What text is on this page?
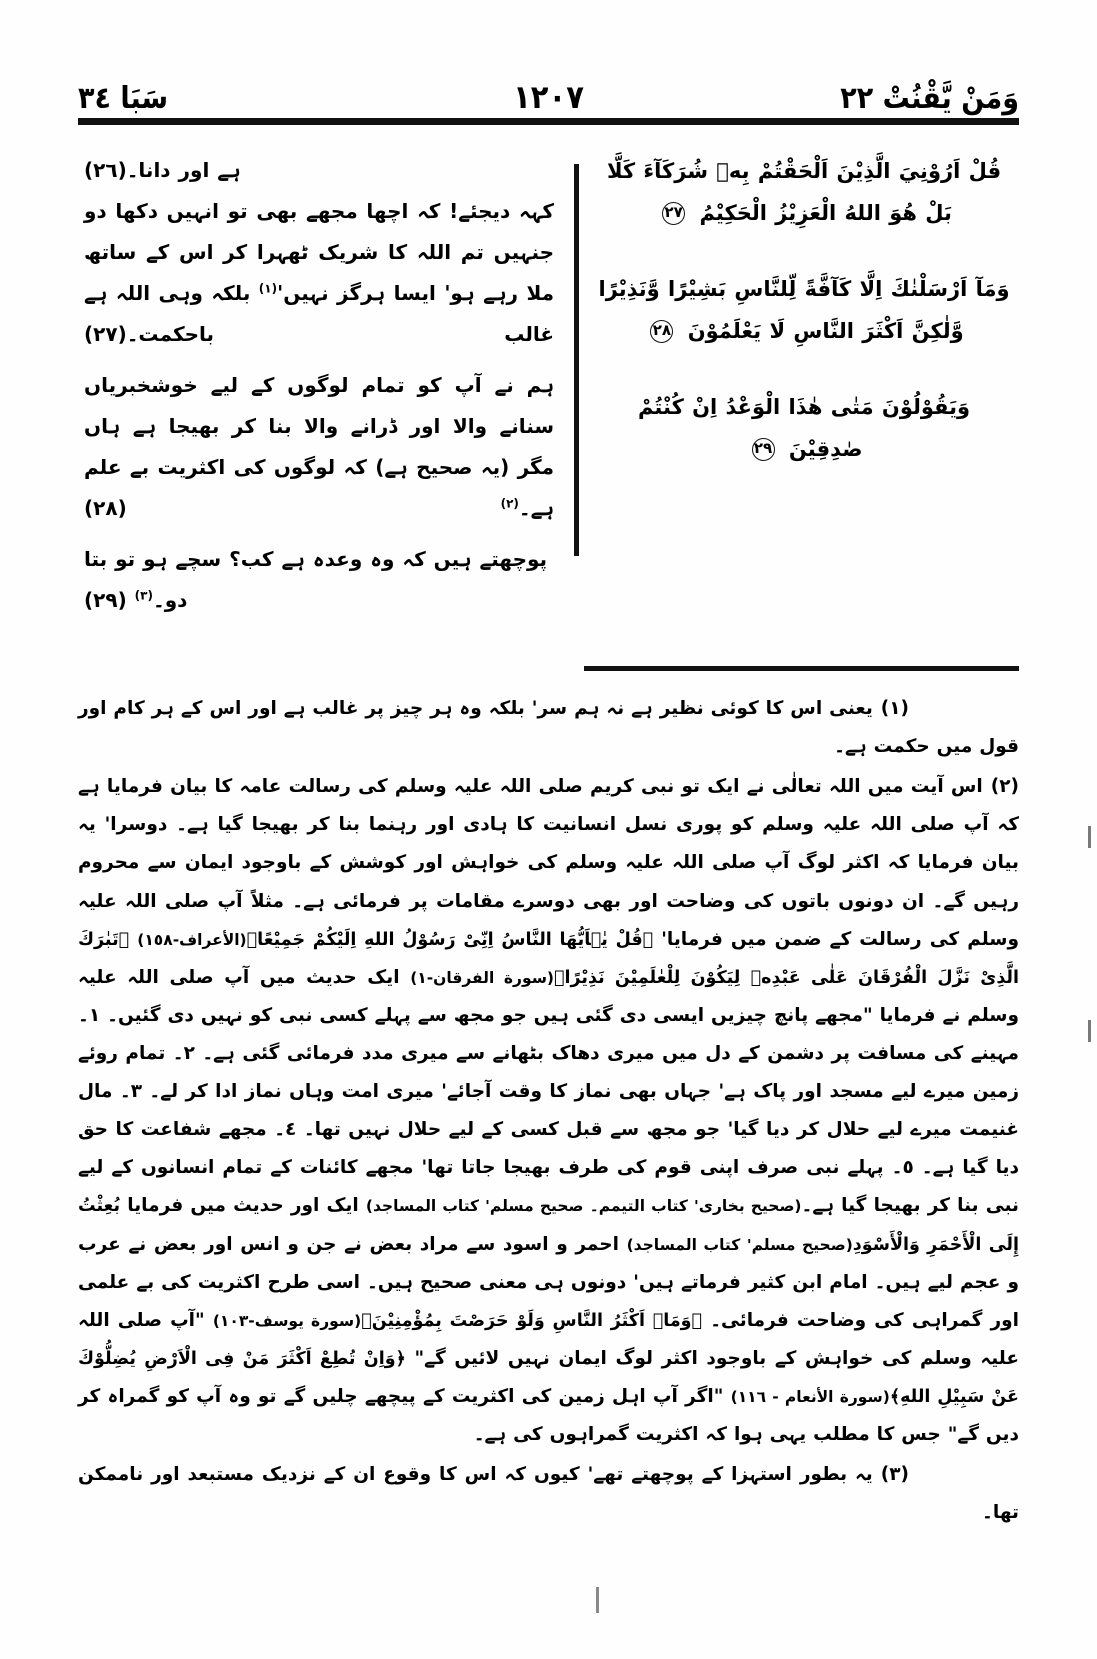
وَمَنْ يَّقْنُتْ ٢٢
١٢٠٧
سَبَا ٣٤

قُلْ اَرُوْنِيَ الَّذِيْنَ اَلْحَقْتُمْ بِهٖ شُرَكَآءَ كَلَّا بَلْ هُوَ اللهُ الْعَزِيْزُ الْحَكِيْمُ ٢٧

وَمَآ اَرْسَلْنٰكَ اِلَّا كَآفَّةً لِّلنَّاسِ بَشِيْرًا وَّنَذِيْرًا وَّلٰكِنَّ اَكْثَرَ النَّاسِ لَا يَعْلَمُوْنَ ٢٨

وَيَقُوْلُوْنَ مَتٰى هٰذَا الْوَعْدُ اِنْ كُنْتُمْ صٰدِقِيْنَ ٢٩

ہے اور دانا۔(٢٦)

کہہ دیجئے! کہ اچھا مجھے بھی تو انہیں دکھا دو جنہیں تم اللہ کا شریک ٹھہرا کر اس کے ساتھ ملا رہے ہو' ایسا ہرگز نہیں'$^{(١)}$ بلکہ وہی اللہ ہے غالب باحکمت۔(٢٧)

ہم نے آپ کو تمام لوگوں کے لیے خوشخبریاں سنانے والا اور ڈرانے والا بنا کر بھیجا ہے ہاں مگر (یہ صحیح ہے) کہ لوگوں کی اکثریت بے علم ہے۔$^{(٢)}$ (٢٨)

پوچھتے ہیں کہ وہ وعدہ ہے کب؟ سچے ہو تو بتا دو۔$^{(٣)}$ (٢٩)

(١)یعنی اس کا کوئی نظیر ہے نہ ہم سر' بلکہ وہ ہر چیز پر غالب ہے اور اس کے ہر کام اور قول میں حکمت ہے۔

(٢)اس آیت میں اللہ تعالٰی نے ایک تو نبی کریم صلی اللہ علیہ وسلم کی رسالت عامہ کا بیان فرمایا ہے کہ آپ صلی اللہ علیہ وسلم کو پوری نسل انسانیت کا ہادی اور رہنما بنا کر بھیجا گیا ہے۔ دوسرا' یہ بیان فرمایا کہ اکثر لوگ آپ صلی اللہ علیہ وسلم کی خواہش اور کوشش کے باوجود ایمان سے محروم رہیں گے۔ ان دونوں باتوں کی وضاحت اور بھی دوسرے مقامات پر فرمائی ہے۔ مثلاً آپ صلی اللہ علیہ وسلم کی رسالت کے ضمن میں فرمایا' ﴿قُلْ يٰۤاَيُّهَا النَّاسُ اِنِّىْ رَسُوْلُ اللهِ اِلَيْكُمْ جَمِيْعًا﴾(الأعراف-١٥٨) ﴿تَبٰرَكَ الَّذِىْ نَزَّلَ الْفُرْقَانَ عَلٰى عَبْدِهٖ لِيَكُوْنَ لِلْعٰلَمِيْنَ نَذِيْرًا﴾(سورة الفرقان-١) ایک حدیث میں آپ صلی اللہ علیہ وسلم نے فرمایا "مجھے پانچ چیزیں ایسی دی گئی ہیں جو مجھ سے پہلے کسی نبی کو نہیں دی گئیں۔ ١۔ مہینے کی مسافت پر دشمن کے دل میں میری دھاک بٹھانے سے میری مدد فرمائی گئی ہے۔ ٢۔ تمام روئے زمین میرے لیے مسجد اور پاک ہے' جہاں بھی نماز کا وقت آجائے' میری امت وہاں نماز ادا کر لے۔ ٣۔ مال غنیمت میرے لیے حلال کر دیا گیا' جو مجھ سے قبل کسی کے لیے حلال نہیں تھا۔ ٤۔ مجھے شفاعت کا حق دیا گیا ہے۔ ٥۔ پہلے نبی صرف اپنی قوم کی طرف بھیجا جاتا تھا' مجھے کائنات کے تمام انسانوں کے لیے نبی بنا کر بھیجا گیا ہے۔(صحیح بخاری' کتاب التیمم۔ صحیح مسلم' کتاب المساجد) ایک اور حدیث میں فرمایا بُعِثْتُ إِلَى الْأَحْمَرِ وَالْأَسْوَدِ(صحیح مسلم' کتاب المساجد) احمر و اسود سے مراد بعض نے جن و انس اور بعض نے عرب و عجم لیے ہیں۔ امام ابن کثیر فرماتے ہیں' دونوں ہی معنی صحیح ہیں۔ اسی طرح اکثریت کی بے علمی اور گمراہی کی وضاحت فرمائی۔ ﴿وَمَاۤ اَكْثَرُ النَّاسِ وَلَوْ حَرَصْتَ بِمُؤْمِنِيْنَ﴾(سورة يوسف-١٠٣) "آپ صلی اللہ علیہ وسلم کی خواہش کے باوجود اکثر لوگ ایمان نہیں لائیں گے" ﴿وَاِنْ تُطِعْ اَكْثَرَ مَنْ فِى الْاَرْضِ يُضِلُّوْكَ عَنْ سَبِيْلِ اللهِ﴾(سورة الأنعام - ١١٦) "اگر آپ اہل زمین کی اکثریت کے پیچھے چلیں گے تو وہ آپ کو گمراہ کر دیں گے" جس کا مطلب یہی ہوا کہ اکثریت گمراہوں کی ہے۔

(٣)یہ بطور استہزا کے پوچھتے تھے' کیوں کہ اس کا وقوع ان کے نزدیک مستبعد اور ناممکن تھا۔
